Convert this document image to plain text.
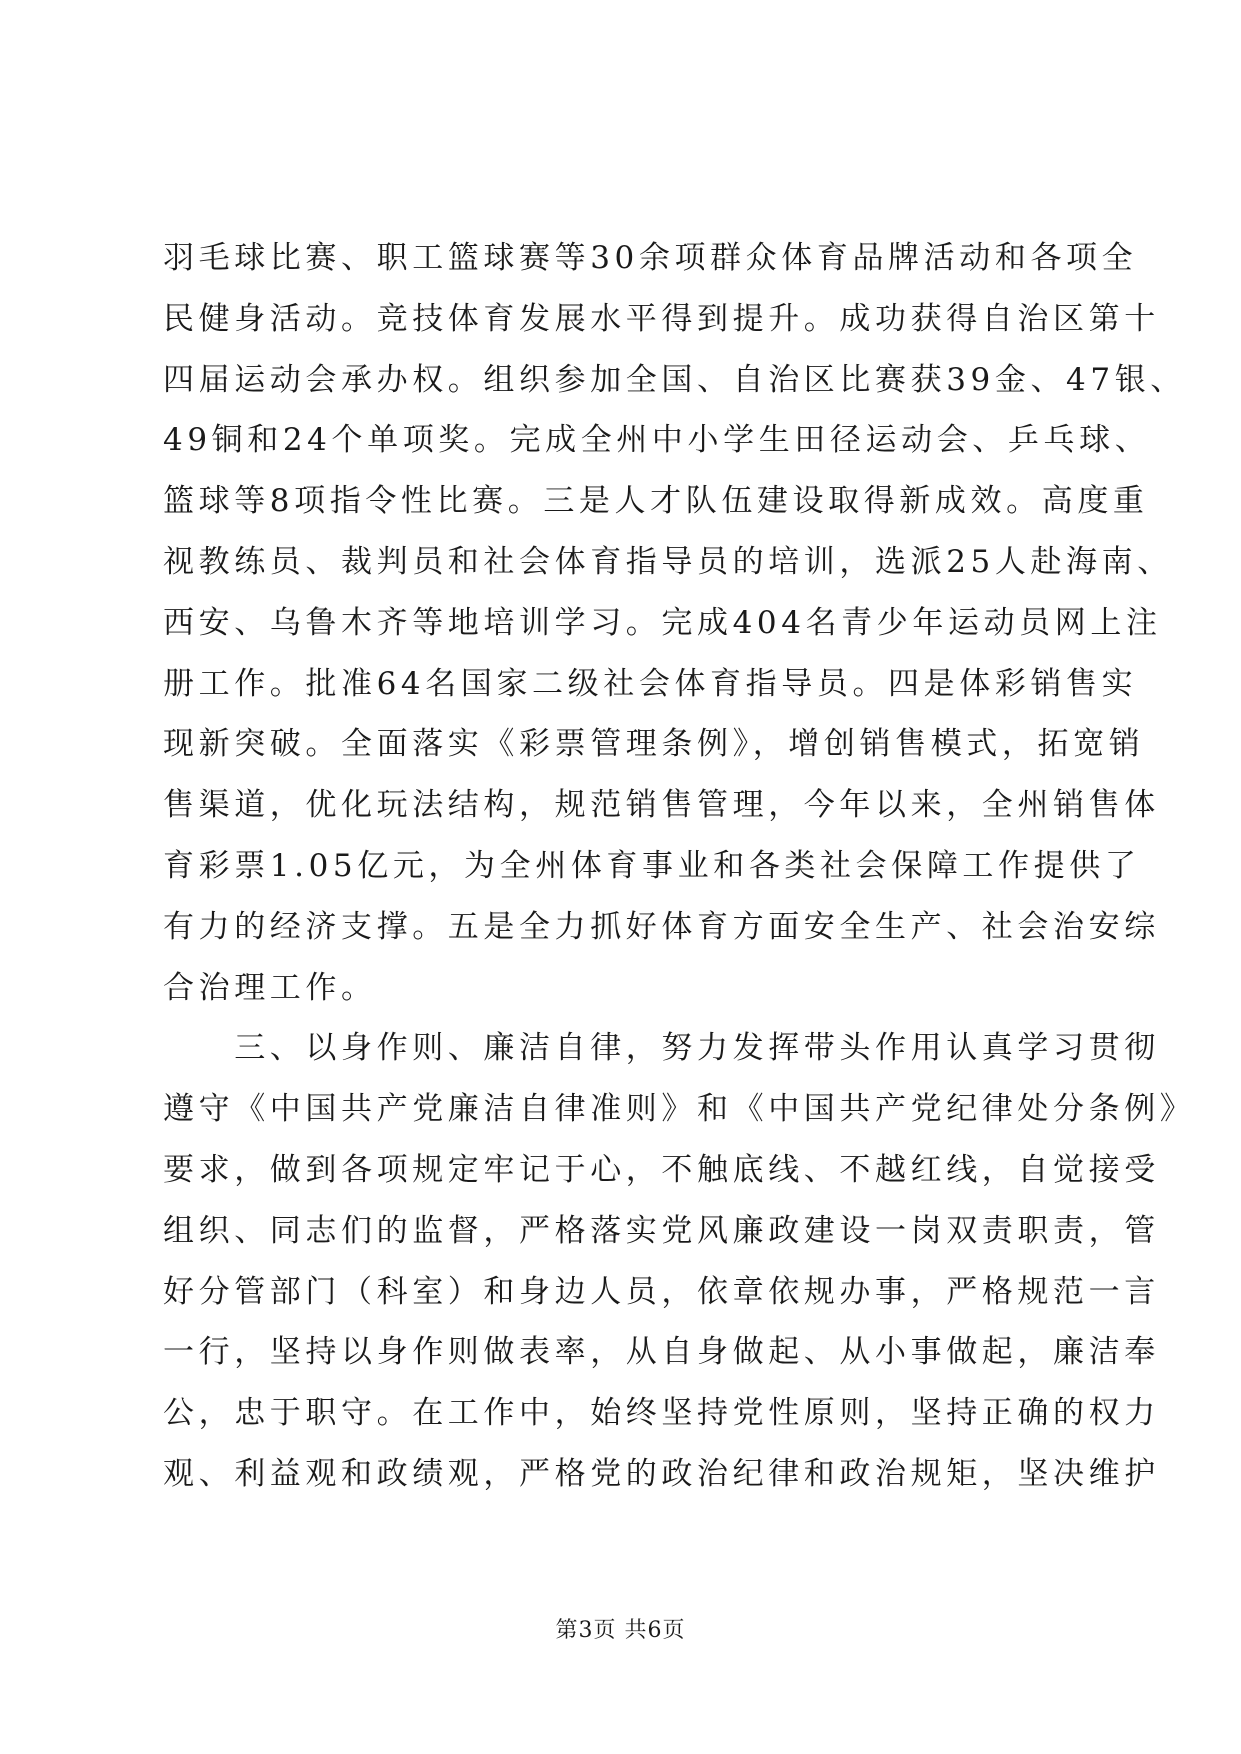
羽毛球比赛、职工篮球赛等30余项群众体育品牌活动和各项全
民健身活动。竞技体育发展水平得到提升。成功获得自治区第十
四届运动会承办权。组织参加全国、自治区比赛获39金、47银、
49铜和24个单项奖。完成全州中小学生田径运动会、乒乓球、
篮球等8项指令性比赛。三是人才队伍建设取得新成效。高度重
视教练员、裁判员和社会体育指导员的培训，选派25人赴海南、
西安、乌鲁木齐等地培训学习。完成404名青少年运动员网上注
册工作。批准64名国家二级社会体育指导员。四是体彩销售实
现新突破。全面落实《彩票管理条例》，增创销售模式，拓宽销
售渠道，优化玩法结构，规范销售管理，今年以来，全州销售体
育彩票1.05亿元，为全州体育事业和各类社会保障工作提供了
有力的经济支撑。五是全力抓好体育方面安全生产、社会治安综
合治理工作。
　　三、以身作则、廉洁自律，努力发挥带头作用认真学习贯彻
遵守《中国共产党廉洁自律准则》和《中国共产党纪律处分条例》
要求，做到各项规定牢记于心，不触底线、不越红线，自觉接受
组织、同志们的监督，严格落实党风廉政建设一岗双责职责，管
好分管部门（科室）和身边人员，依章依规办事，严格规范一言
一行，坚持以身作则做表率，从自身做起、从小事做起，廉洁奉
公，忠于职守。在工作中，始终坚持党性原则，坚持正确的权力
观、利益观和政绩观，严格党的政治纪律和政治规矩，坚决维护
第3页 共6页
